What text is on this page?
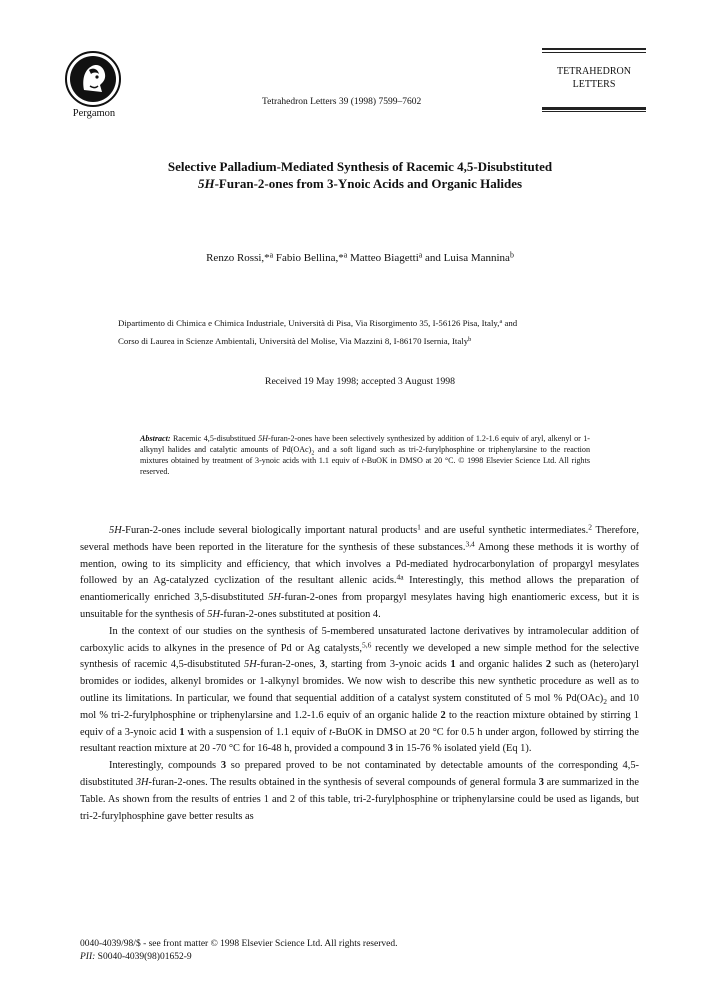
Pergamon
Tetrahedron Letters 39 (1998) 7599–7602
TETRAHEDRON
LETTERS
Selective Palladium-Mediated Synthesis of Racemic 4,5-Disubstituted
5H-Furan-2-ones from 3-Ynoic Acids and Organic Halides
Renzo Rossi,*$^a$ Fabio Bellina,*$^a$ Matteo Biagetti$^a$ and Luisa Mannina$^b$
Dipartimento di Chimica e Chimica Industriale, Università di Pisa, Via Risorgimento 35, I-56126 Pisa, Italy,$^a$ and
Corso di Laurea in Scienze Ambientali, Università del Molise, Via Mazzini 8, I-86170 Isernia, Italy$^b$
Received 19 May 1998; accepted 3 August 1998
Abstract: Racemic 4,5-disubstitued 5H-furan-2-ones have been selectively synthesized by addition of 1.2-1.6 equiv of aryl, alkenyl or 1-alkynyl halides and catalytic amounts of $Pd(OAc)_2$ and a soft ligand such as tri-2-furylphosphine or triphenylarsine to the reaction mixtures obtained by treatment of 3-ynoic acids with 1.1 equiv of t-BuOK in DMSO at 20 °C. © 1998 Elsevier Science Ltd. All rights reserved.

5H-Furan-2-ones include several biologically important natural products$^1$ and are useful synthetic intermediates.$^2$ Therefore, several methods have been reported in the literature for the synthesis of these substances.$^{3,4}$ Among these methods it is worthy of mention, owing to its simplicity and efficiency, that which involves a Pd-mediated hydrocarbonylation of propargyl mesylates followed by an Ag-catalyzed cyclization of the resultant allenic acids.$^{4a}$ Interestingly, this method allows the preparation of enantiomerically enriched 3,5-disubstituted 5H-furan-2-ones from propargyl mesylates having high enantiomeric excess, but it is unsuitable for the synthesis of 5H-furan-2-ones substituted at position 4.

In the context of our studies on the synthesis of 5-membered unsaturated lactone derivatives by intramolecular addition of carboxylic acids to alkynes in the presence of Pd or Ag catalysts,$^{5,6}$ recently we developed a new simple method for the selective synthesis of racemic 4,5-disubstituted 5H-furan-2-ones, 3, starting from 3-ynoic acids 1 and organic halides 2 such as (hetero)aryl bromides or iodides, alkenyl bromides or 1-alkynyl bromides. We now wish to describe this new synthetic procedure as well as to outline its limitations. In particular, we found that sequential addition of a catalyst system constituted of 5 mol % $Pd(OAc)_2$ and 10 mol % tri-2-furylphosphine or triphenylarsine and 1.2-1.6 equiv of an organic halide 2 to the reaction mixture obtained by stirring 1 equiv of a 3-ynoic acid 1 with a suspension of 1.1 equiv of t-BuOK in DMSO at 20 °C for 0.5 h under argon, followed by stirring the resultant reaction mixture at 20 -70 °C for 16-48 h, provided a compound 3 in 15-76 % isolated yield (Eq 1).

Interestingly, compounds 3 so prepared proved to be not contaminated by detectable amounts of the corresponding 4,5-disubstituted 3H-furan-2-ones. The results obtained in the synthesis of several compounds of general formula 3 are summarized in the Table. As shown from the results of entries 1 and 2 of this table, tri-2-furylphosphine or triphenylarsine could be used as ligands, but tri-2-furylphosphine gave better results as

0040-4039/98/$ - see front matter © 1998 Elsevier Science Ltd. All rights reserved.
PII: S0040-4039(98)01652-9
